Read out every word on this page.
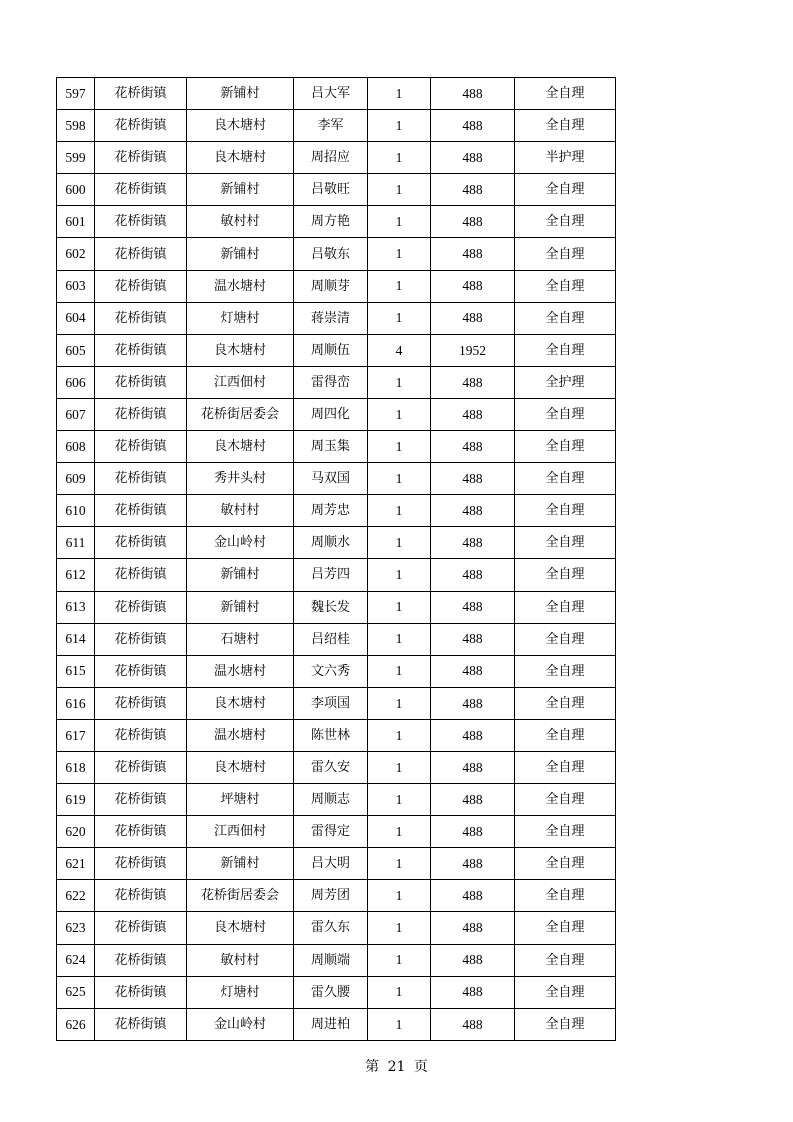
597	花桥街镇	新铺村	吕大军	1	488	全自理
598	花桥街镇	良木塘村	李军	1	488	全自理
599	花桥街镇	良木塘村	周招应	1	488	半护理
600	花桥街镇	新铺村	吕敬旺	1	488	全自理
601	花桥街镇	敏村村	周方艳	1	488	全自理
602	花桥街镇	新铺村	吕敬东	1	488	全自理
603	花桥街镇	温水塘村	周顺芽	1	488	全自理
604	花桥街镇	灯塘村	蒋崇清	1	488	全自理
605	花桥街镇	良木塘村	周顺伍	4	1952	全自理
606	花桥街镇	江西佃村	雷得峦	1	488	全护理
607	花桥街镇	花桥街居委会	周四化	1	488	全自理
608	花桥街镇	良木塘村	周玉集	1	488	全自理
609	花桥街镇	秀井头村	马双国	1	488	全自理
610	花桥街镇	敏村村	周芳忠	1	488	全自理
611	花桥街镇	金山岭村	周顺水	1	488	全自理
612	花桥街镇	新铺村	吕芳四	1	488	全自理
613	花桥街镇	新铺村	魏长发	1	488	全自理
614	花桥街镇	石塘村	吕绍桂	1	488	全自理
615	花桥街镇	温水塘村	文六秀	1	488	全自理
616	花桥街镇	良木塘村	李项国	1	488	全自理
617	花桥街镇	温水塘村	陈世林	1	488	全自理
618	花桥街镇	良木塘村	雷久安	1	488	全自理
619	花桥街镇	坪塘村	周顺志	1	488	全自理
620	花桥街镇	江西佃村	雷得定	1	488	全自理
621	花桥街镇	新铺村	吕大明	1	488	全自理
622	花桥街镇	花桥街居委会	周芳团	1	488	全自理
623	花桥街镇	良木塘村	雷久东	1	488	全自理
624	花桥街镇	敏村村	周顺端	1	488	全自理
625	花桥街镇	灯塘村	雷久腰	1	488	全自理
626	花桥街镇	金山岭村	周进柏	1	488	全自理
第 21 页
